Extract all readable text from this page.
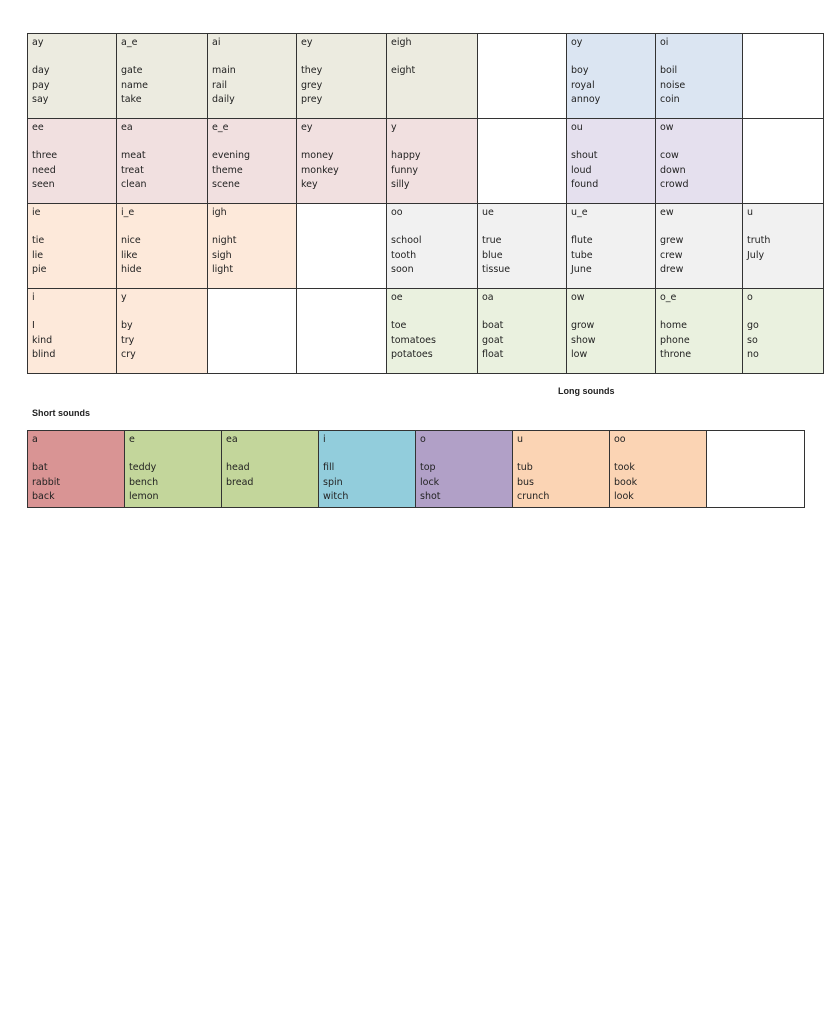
ay
day
pay
say	a_e
gate
name
take	ai
main
rail
daily	ey
they
grey
prey	eigh
eight		oy
boy
royal
annoy	oi
boil
noise
coin	

ee
three
need
seen	ea
meat
treat
clean	e_e
evening
theme
scene	ey
money
monkey
key	y
happy
funny
silly		ou
shout
loud
found	ow
cow
down
crowd	

ie
tie
lie
pie	i_e
nice
like
hide	igh
night
sigh
light		oo
school
tooth
soon	ue
true
blue
tissue	u_e
flute
tube
June	ew
grew
crew
drew	u
truth
July

i
I
kind
blind	y
by
try
cry			oe
toe
tomatoes
potatoes	oa
boat
goat
float	ow
grow
show
low	o_e
home
phone
throne	o
go
so
no
Long sounds
Short sounds
a
bat
rabbit
back

e
teddy
bench
lemon

ea
head
bread

i
fill
spin
witch

o
top
lock
shot

u
tub
bus
crunch

oo
took
book
look
